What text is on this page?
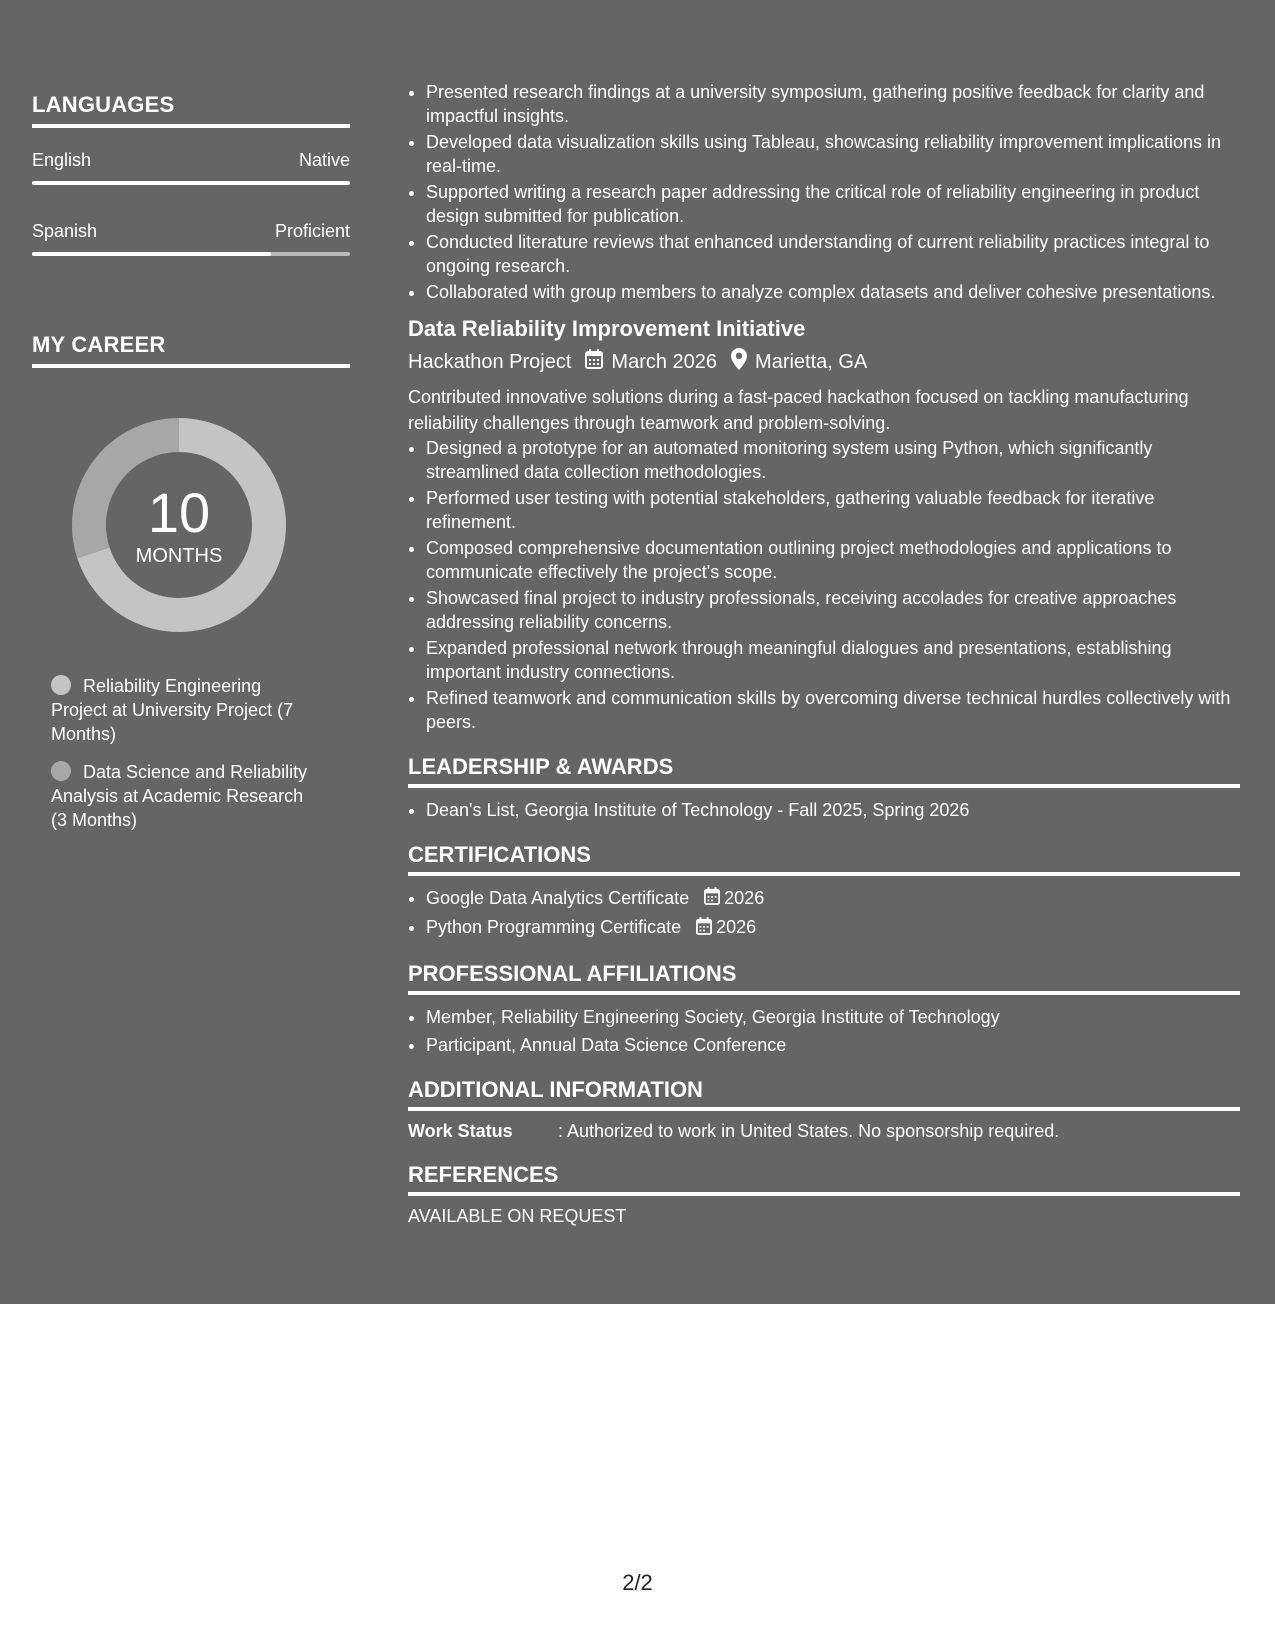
LANGUAGES
English	Native
Spanish	Proficient
MY CAREER
10
MONTHS
Reliability Engineering Project at University Project (7 Months)
Data Science and Reliability Analysis at Academic Research (3 Months)
• Presented research findings at a university symposium, gathering positive feedback for clarity and impactful insights.
• Developed data visualization skills using Tableau, showcasing reliability improvement implications in real-time.
• Supported writing a research paper addressing the critical role of reliability engineering in product design submitted for publication.
• Conducted literature reviews that enhanced understanding of current reliability practices integral to ongoing research.
• Collaborated with group members to analyze complex datasets and deliver cohesive presentations.
Data Reliability Improvement Initiative
Hackathon Project March 2026 Marietta, GA
Contributed innovative solutions during a fast-paced hackathon focused on tackling manufacturing reliability challenges through teamwork and problem-solving.
• Designed a prototype for an automated monitoring system using Python, which significantly streamlined data collection methodologies.
• Performed user testing with potential stakeholders, gathering valuable feedback for iterative refinement.
• Composed comprehensive documentation outlining project methodologies and applications to communicate effectively the project's scope.
• Showcased final project to industry professionals, receiving accolades for creative approaches addressing reliability concerns.
• Expanded professional network through meaningful dialogues and presentations, establishing important industry connections.
• Refined teamwork and communication skills by overcoming diverse technical hurdles collectively with peers.
LEADERSHIP & AWARDS
• Dean's List, Georgia Institute of Technology - Fall 2025, Spring 2026
CERTIFICATIONS
• Google Data Analytics Certificate 2026
• Python Programming Certificate 2026
PROFESSIONAL AFFILIATIONS
• Member, Reliability Engineering Society, Georgia Institute of Technology
• Participant, Annual Data Science Conference
ADDITIONAL INFORMATION
Work Status	: Authorized to work in United States. No sponsorship required.
REFERENCES
AVAILABLE ON REQUEST
2/2
